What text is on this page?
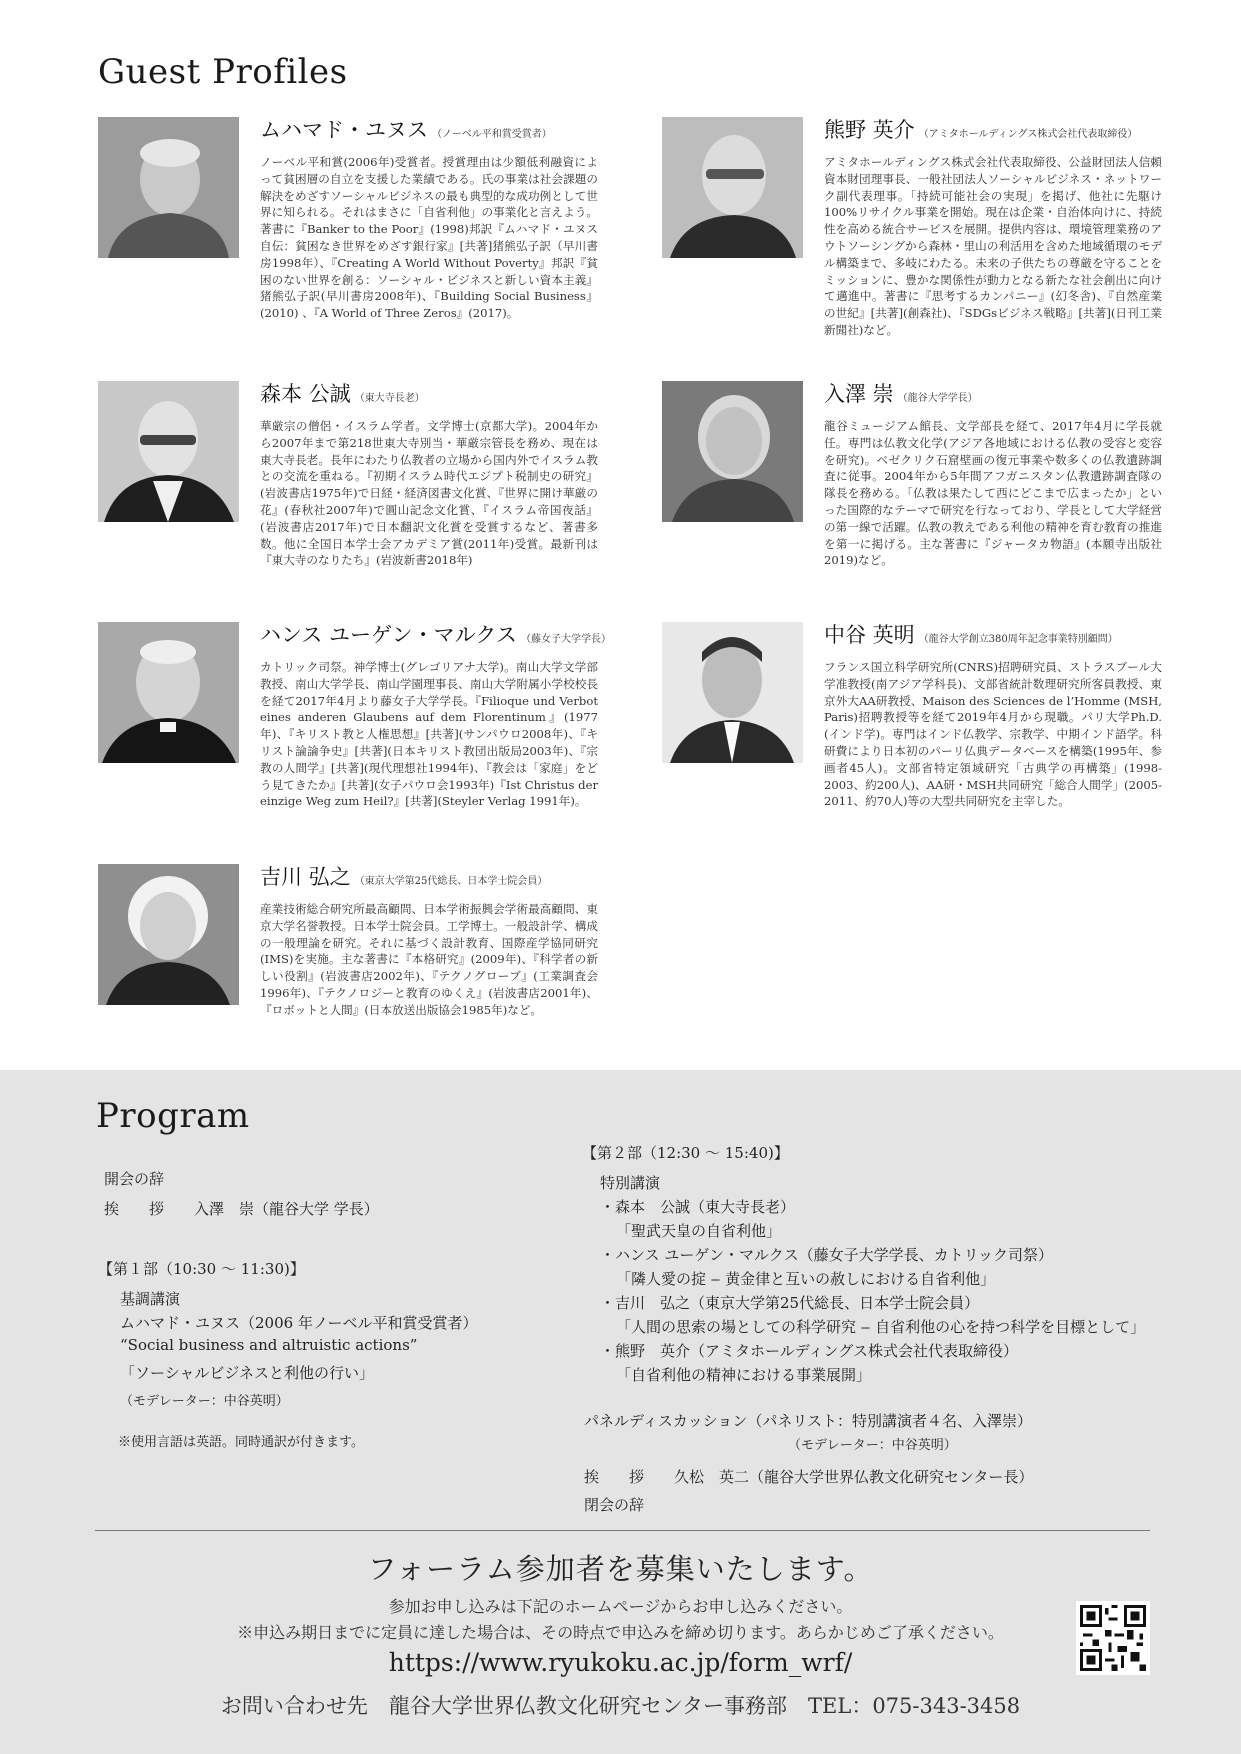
Guest Profiles
ムハマド・ユヌス （ノーベル平和賞受賞者）
ノーベル平和賞(2006年)受賞者。授賞理由は少額低利融資によって貧困層の自立を支援した業績である。氏の事業は社会課題の解決をめざすソーシャルビジネスの最も典型的な成功例として世界に知られる。それはまさに「自省利他」の事業化と言えよう。著書に『Banker to the Poor』(1998)邦訳『ムハマド・ユヌス自伝：貧困なき世界をめざす銀行家』[共著]猪熊弘子訳（早川書房1998年）、『Creating A World Without Poverty』邦訳『貧困のない世界を創る：ソーシャル・ビジネスと新しい資本主義』猪熊弘子訳(早川書房2008年)、『Building Social Business』(2010) 、『A World of Three Zeros』(2017)。
熊野 英介 （アミタホールディングス株式会社代表取締役）
アミタホールディングス株式会社代表取締役、公益財団法人信頼資本財団理事長、一般社団法人ソーシャルビジネス・ネットワーク副代表理事。「持続可能社会の実現」を掲げ、他社に先駆け100%リサイクル事業を開始。現在は企業・自治体向けに、持続性を高める統合サービスを展開。提供内容は、環境管理業務のアウトソーシングから森林・里山の利活用を含めた地域循環のモデル構築まで、多岐にわたる。未来の子供たちの尊厳を守ることをミッションに、豊かな関係性が動力となる新たな社会創出に向けて邁進中。著書に『思考するカンパニー』(幻冬舎)、『自然産業の世紀』[共著](創森社)、『SDGsビジネス戦略』[共著](日刊工業新聞社)など。
森本 公誠 （東大寺長老）
華厳宗の僧侶・イスラム学者。文学博士(京都大学)。2004年から2007年まで第218世東大寺別当・華厳宗管長を務め、現在は東大寺長老。長年にわたり仏教者の立場から国内外でイスラム教との交流を重ねる。『初期イスラム時代エジプト税制史の研究』(岩波書店1975年)で日経・経済図書文化賞、『世界に開け華厳の花』(春秋社2007年)で圓山記念文化賞、『イスラム帝国夜話』(岩波書店2017年)で日本翻訳文化賞を受賞するなど、著書多数。他に全国日本学士会アカデミア賞(2011年)受賞。最新刊は『東大寺のなりたち』(岩波新書2018年)
入澤 崇 （龍谷大学学長）
龍谷ミュージアム館長、文学部長を経て、2017年4月に学長就任。専門は仏教文化学(アジア各地域における仏教の受容と変容を研究)。ベゼクリク石窟壁画の復元事業や数多くの仏教遺跡調査に従事。2004年から5年間アフガニスタン仏教遺跡調査隊の隊長を務める。「仏教は果たして西にどこまで広まったか」といった国際的なテーマで研究を行なっており、学長として大学経営の第一線で活躍。仏教の教えである利他の精神を育む教育の推進を第一に掲げる。主な著書に『ジャータカ物語』(本願寺出版社2019)など。
ハンス ユーゲン・マルクス （藤女子大学学長）
カトリック司祭。神学博士(グレゴリアナ大学)。南山大学文学部教授、南山大学学長、南山学園理事長、南山大学附属小学校校長を経て2017年4月より藤女子大学学長。『Filioque und Verbot eines anderen Glaubens auf dem Florentinum』(1977年)、『キリスト教と人権思想』[共著](サンパウロ2008年)、『キリスト論論争史』[共著](日本キリスト教団出版局2003年)、『宗教の人間学』[共著](現代理想社1994年)、『教会は「家庭」をどう見てきたか』[共著](女子パウロ会1993年)『Ist Christus der einzige Weg zum Heil?』[共著](Steyler Verlag 1991年)。
中谷 英明 （龍谷大学創立380周年記念事業特別顧問）
フランス国立科学研究所(CNRS)招聘研究員、ストラスブール大学准教授(南アジア学科長)、文部省統計数理研究所客員教授、東京外大AA研教授、Maison des Sciences de l’Homme (MSH, Paris)招聘教授等を経て2019年4月から現職。パリ大学Ph.D.(インド学)。専門はインド仏教学、宗教学、中期インド語学。科研費により日本初のパーリ仏典データベースを構築(1995年、参画者45人)。文部省特定領域研究「古典学の再構築」(1998-2003、約200人)、AA研・MSH共同研究「総合人間学」(2005-2011、約70人)等の大型共同研究を主宰した。
吉川 弘之 （東京大学第25代総長、日本学士院会員）
産業技術総合研究所最高顧問、日本学術振興会学術最高顧問、東京大学名誉教授。日本学士院会員。工学博士。一般設計学、構成の一般理論を研究。それに基づく設計教育、国際産学協同研究(IMS)を実施。主な著書に『本格研究』(2009年)、『科学者の新しい役割』(岩波書店2002年)、『テクノグローブ』(工業調査会1996年)、『テクノロジーと教育のゆくえ』(岩波書店2001年)、『ロボットと人間』(日本放送出版協会1985年)など。
Program
開会の辞
挨　　拶　　入澤　崇（龍谷大学 学長）
【第１部（10:30 ～ 11:30)】
基調講演
ムハマド・ユヌス（2006 年ノーベル平和賞受賞者）
“Social business and altruistic actions”
「ソーシャルビジネスと利他の行い」
（モデレーター：中谷英明）
※使用言語は英語。同時通訳が付きます。
【第２部（12:30 ～ 15:40)】
特別講演
・森本　公誠（東大寺長老）
「聖武天皇の自省利他」
・ハンス ユーゲン・マルクス（藤女子大学学長、カトリック司祭）
「隣人愛の掟 ‒ 黄金律と互いの赦しにおける自省利他」
・吉川　弘之（東京大学第25代総長、日本学士院会員）
「人間の思索の場としての科学研究 ‒ 自省利他の心を持つ科学を目標として」
・熊野　英介（アミタホールディングス株式会社代表取締役）
「自省利他の精神における事業展開」
パネルディスカッション（パネリスト：特別講演者４名、入澤崇）
（モデレーター：中谷英明）
挨　　拶　　久松　英二（龍谷大学世界仏教文化研究センター長）
閉会の辞
フォーラム参加者を募集いたします。
参加お申し込みは下記のホームページからお申し込みください。
※申込み期日までに定員に達した場合は、その時点で申込みを締め切ります。あらかじめご了承ください。
https://www.ryukoku.ac.jp/form_wrf/
お問い合わせ先　龍谷大学世界仏教文化研究センター事務部　TEL：075-343-3458
